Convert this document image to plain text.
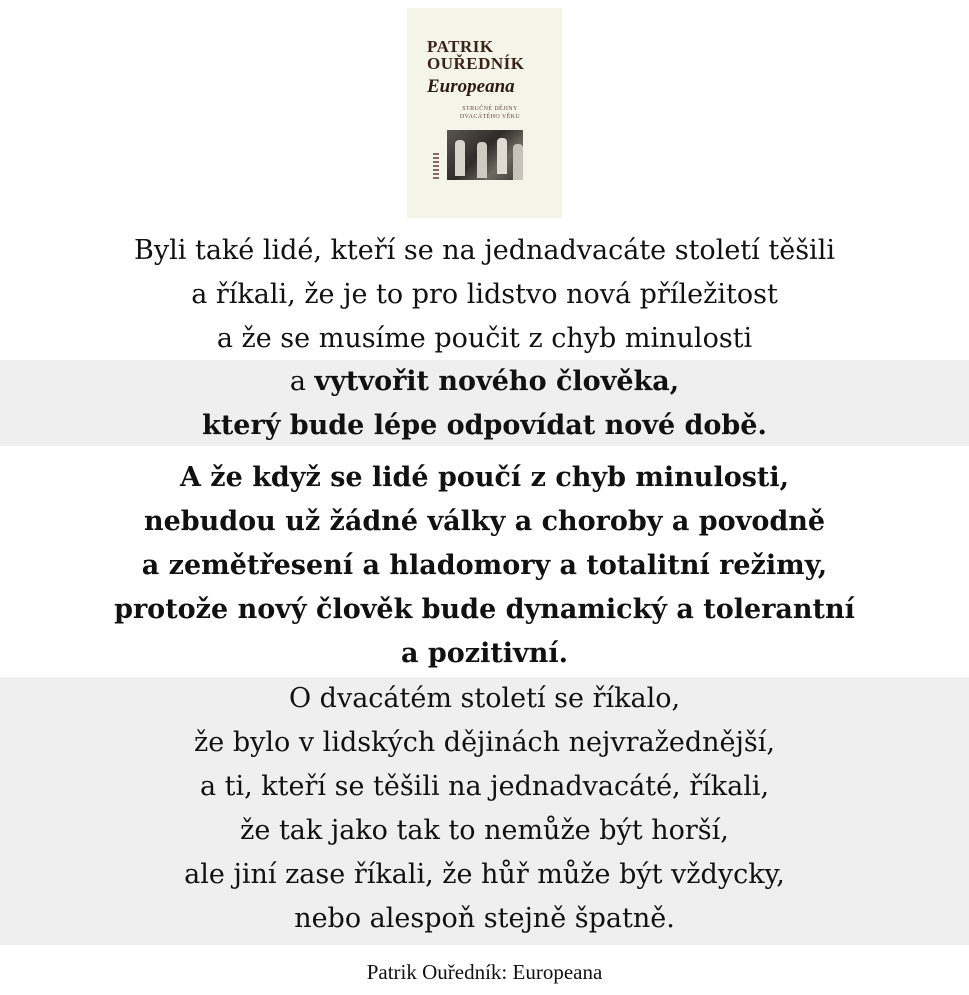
PATRIK
OUŘEDNÍK
Europeana
STRUČNÉ DĚJINY
DVACÁTÉHO VĚKU
Byli také lidé, kteří se na jednadvacáte století těšili
a říkali, že je to pro lidstvo nová příležitost
a že se musíme poučit z chyb minulosti
a vytvořit nového člověka,
který bude lépe odpovídat nové době.
A že když se lidé poučí z chyb minulosti,
nebudou už žádné války a choroby a povodně
a zemětřesení a hladomory a totalitní režimy,
protože nový člověk bude dynamický a tolerantní
a pozitivní.
O dvacátém století se říkalo,
že bylo v lidských dějinách nejvražednější,
a ti, kteří se těšili na jednadvacáté, říkali,
že tak jako tak to nemůže být horší,
ale jiní zase říkali, že hůř může být vždycky,
nebo alespoň stejně špatně.
Patrik Ouředník: Europeana
